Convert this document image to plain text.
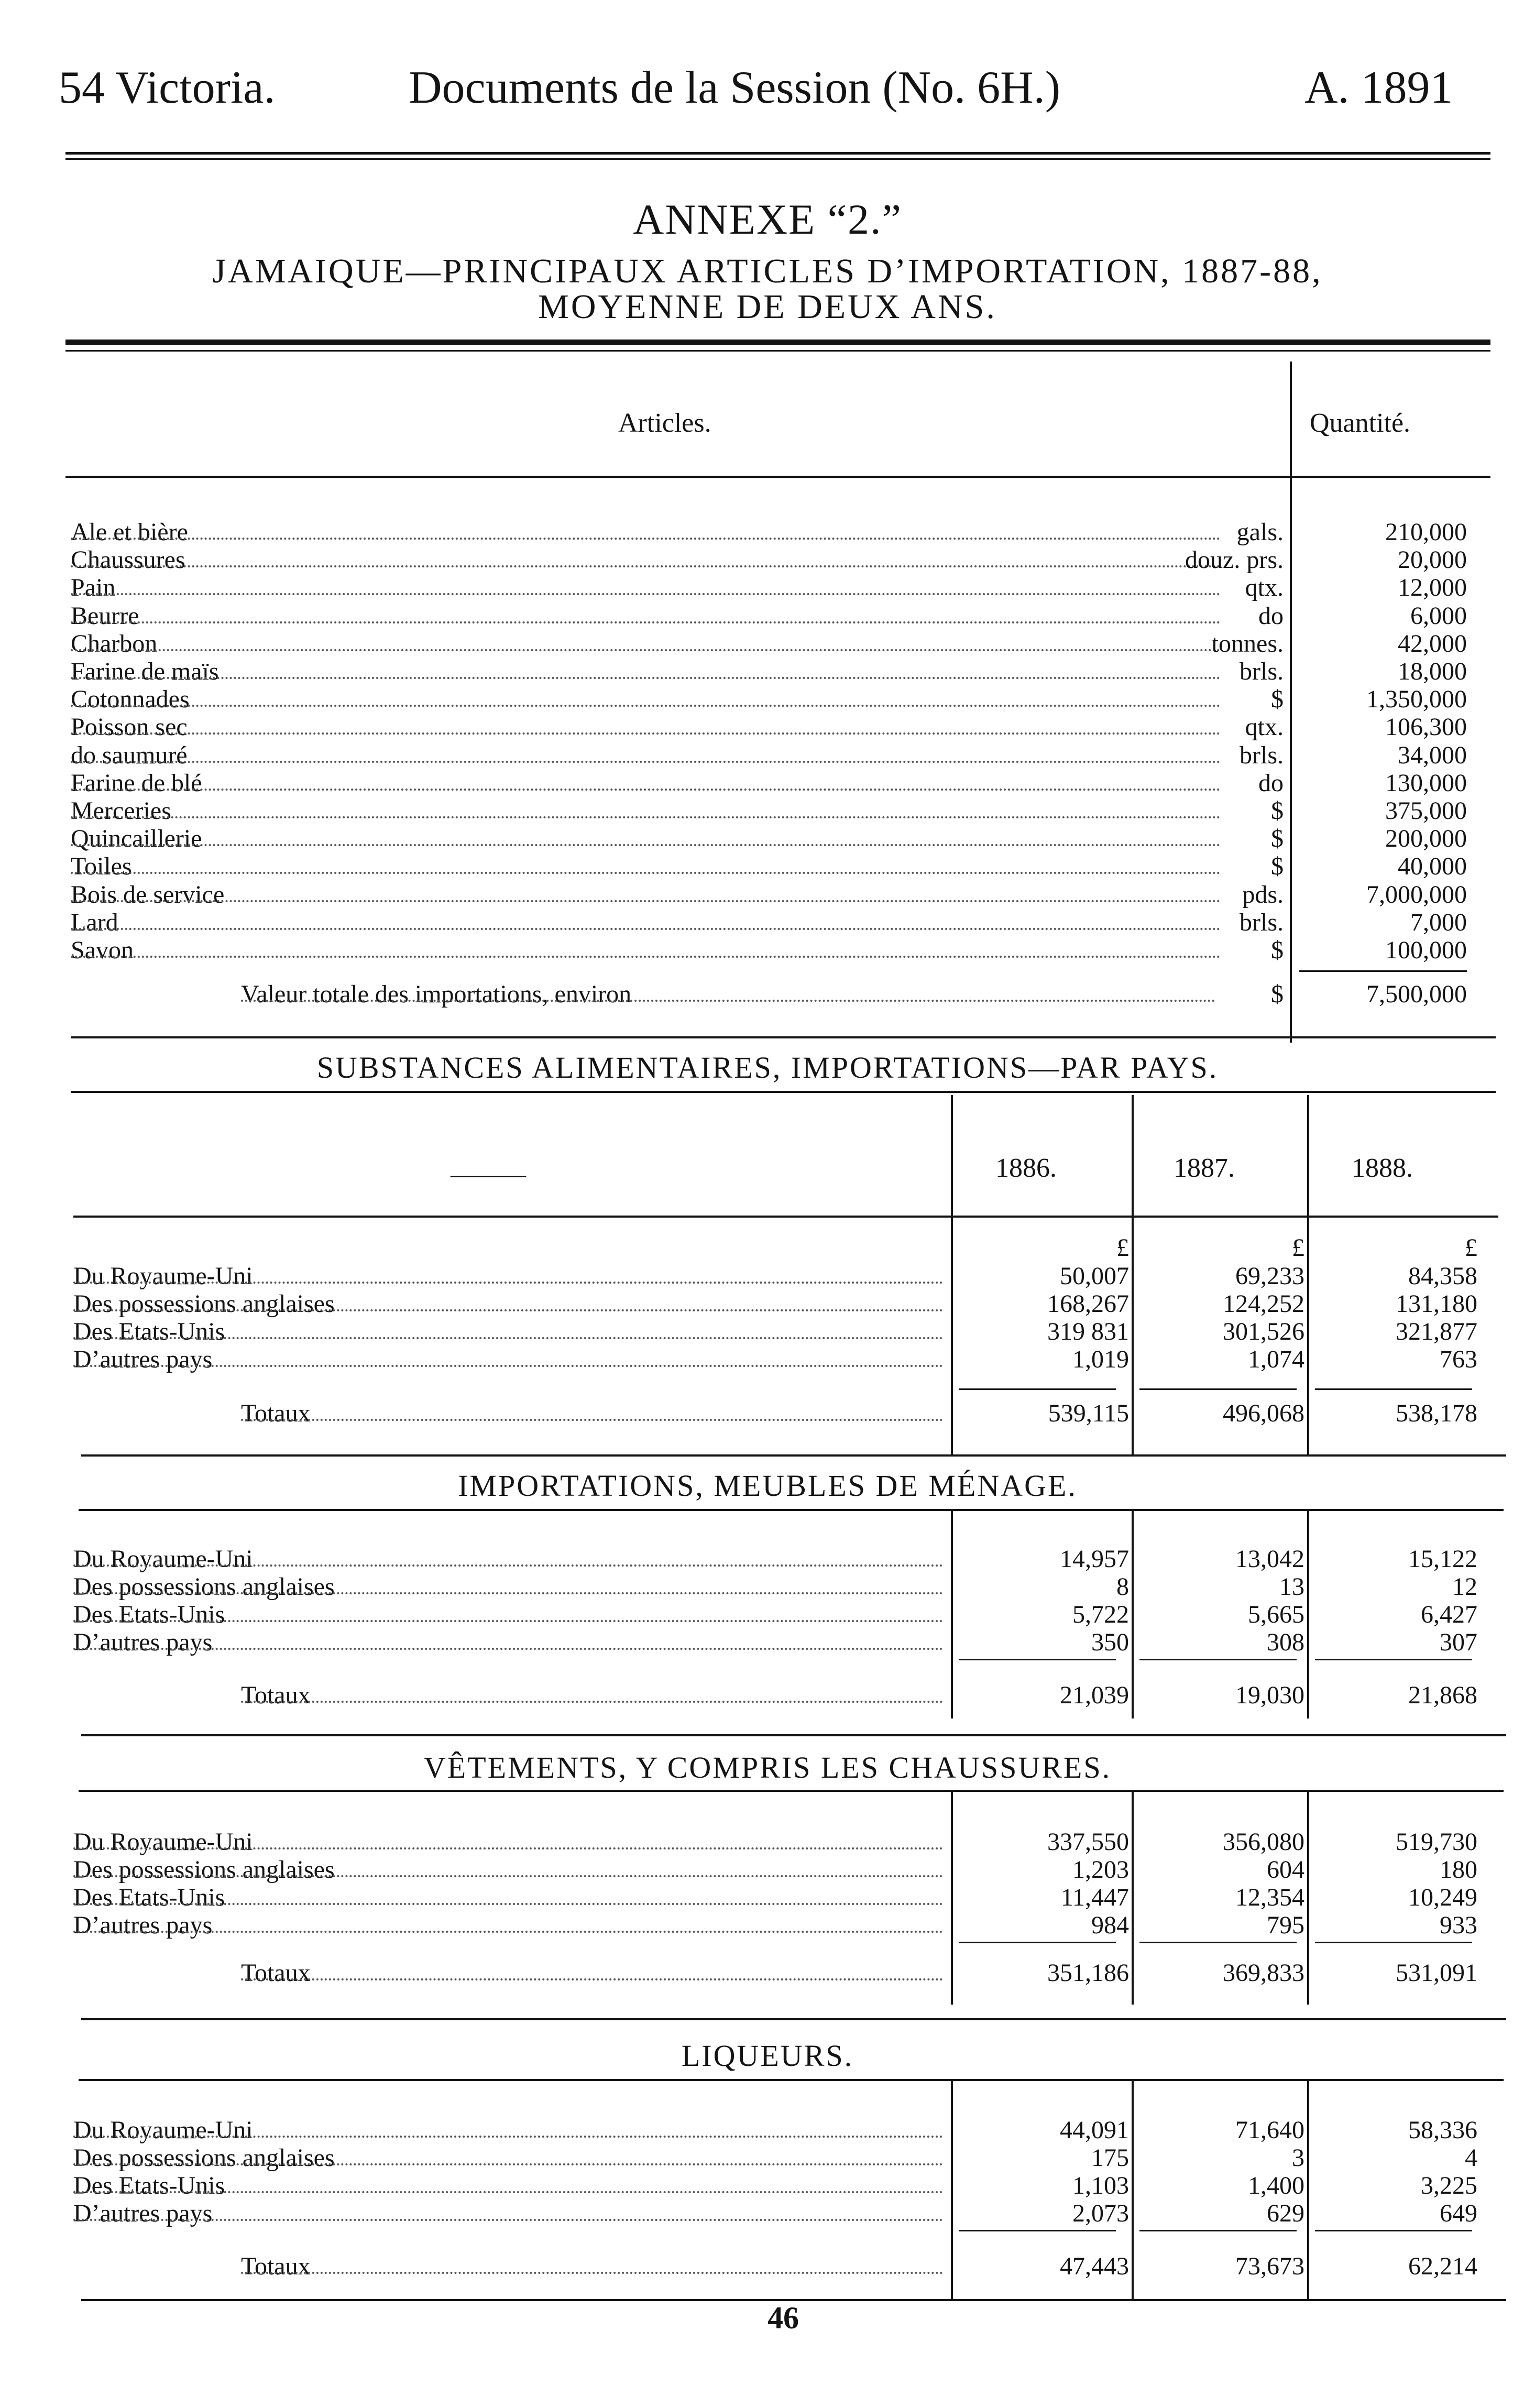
54 Victoria.	Documents de la Session (No. 6H.)	A. 1891
ANNEXE “2.”
JAMAIQUE—PRINCIPAUX ARTICLES D’IMPORTATION, 1887-88,
MOYENNE DE DEUX ANS.
Articles.	Quantité.
Ale et bière	gals.	210,000
Chaussures	douz. prs.	20,000
Pain	qtx.	12,000
Beurre	do	6,000
Charbon	tonnes.	42,000
Farine de maïs	brls.	18,000
Cotonnades	$	1,350,000
Poisson sec	qtx.	106,300
do saumuré	brls.	34,000
Farine de blé	do	130,000
Merceries	$	375,000
Quincaillerie	$	200,000
Toiles	$	40,000
Bois de service	pds.	7,000,000
Lard	brls.	7,000
Savon	$	100,000
Valeur totale des importations, environ	$	7,500,000
SUBSTANCES ALIMENTAIRES, IMPORTATIONS—PAR PAYS.
———	1886.	1887.	1888.
£	£	£
Du Royaume-Uni	50,007	69,233	84,358
Des possessions anglaises	168,267	124,252	131,180
Des Etats-Unis	319 831	301,526	321,877
D’autres pays	1,019	1,074	763
Totaux	539,115	496,068	538,178
IMPORTATIONS, MEUBLES DE MÉNAGE.
Du Royaume-Uni	14,957	13,042	15,122
Des possessions anglaises	8	13	12
Des Etats-Unis	5,722	5,665	6,427
D’autres pays	350	308	307
Totaux	21,039	19,030	21,868
VÊTEMENTS, Y COMPRIS LES CHAUSSURES.
Du Royaume-Uni	337,550	356,080	519,730
Des possessions anglaises	1,203	604	180
Des Etats-Unis	11,447	12,354	10,249
D’autres pays	984	795	933
Totaux	351,186	369,833	531,091
LIQUEURS.
Du Royaume-Uni	44,091	71,640	58,336
Des possessions anglaises	175	3	4
Des Etats-Unis	1,103	1,400	3,225
D’autres pays	2,073	629	649
Totaux	47,443	73,673	62,214
46
